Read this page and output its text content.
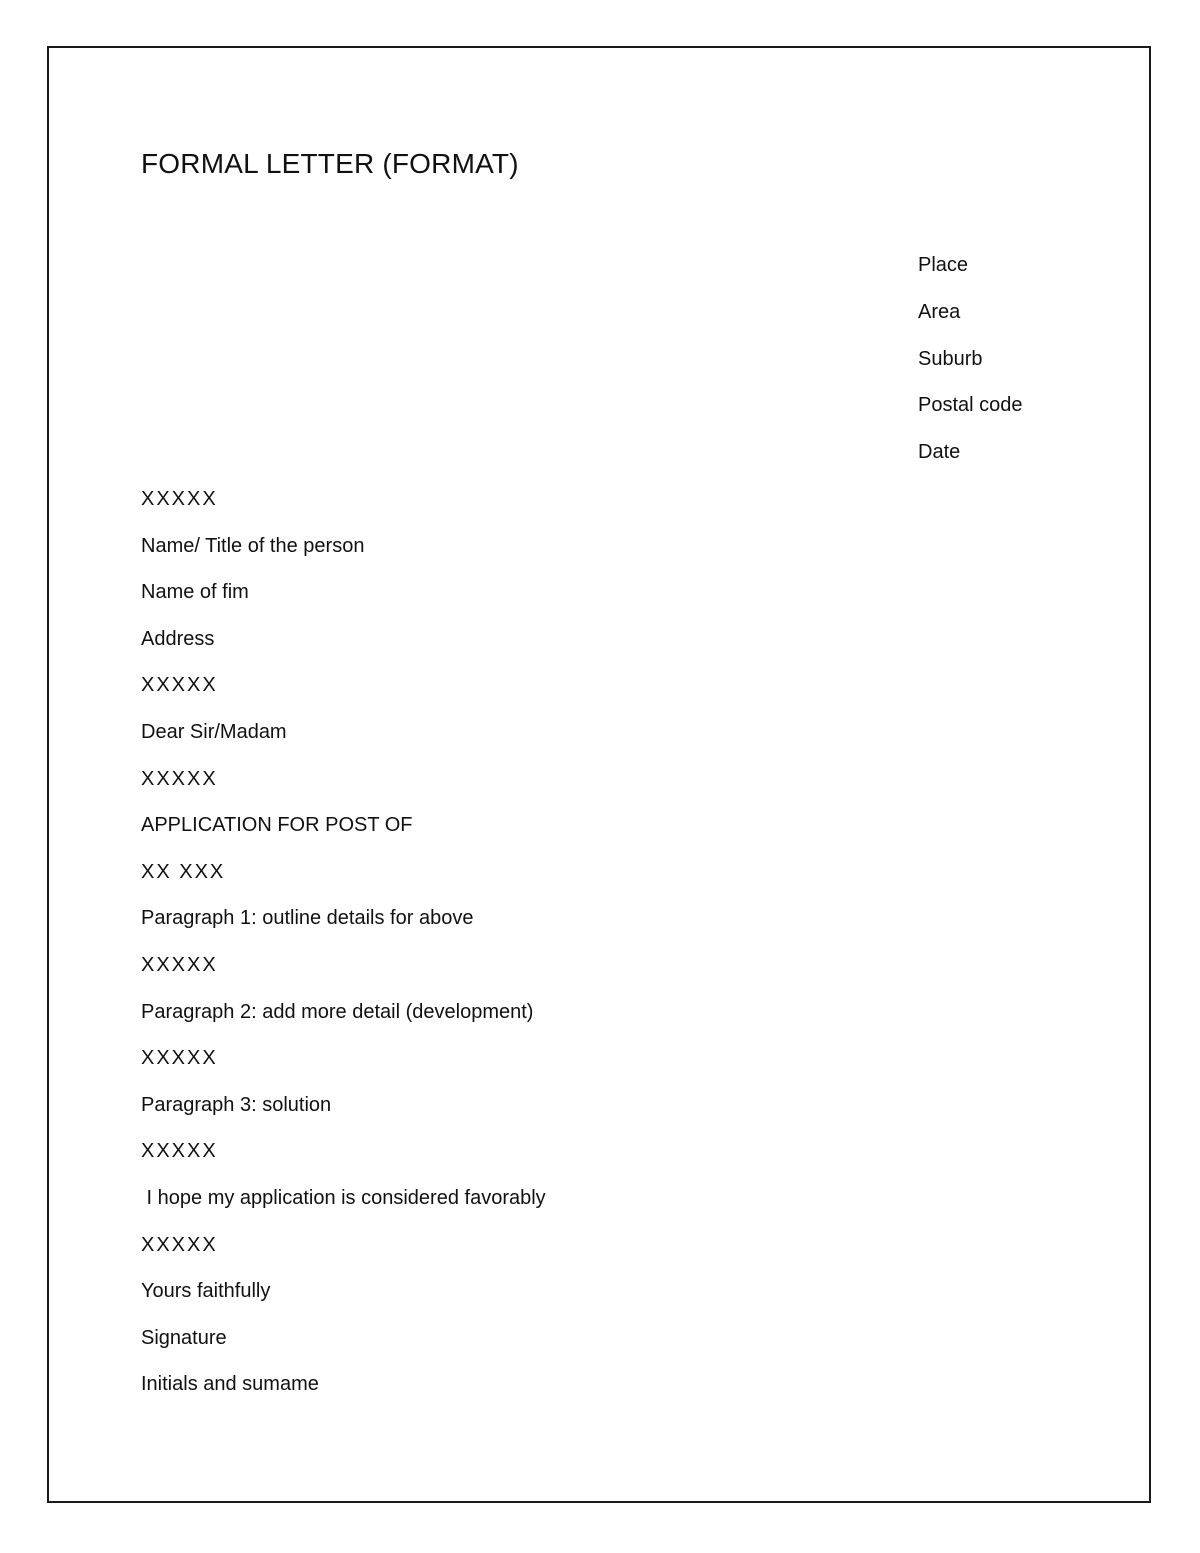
FORMAL LETTER (FORMAT)
Place
Area
Suburb
Postal code
Date
XXXXX
Name/ Title of the person
Name of fim
Address
XXXXX
Dear Sir/Madam
XXXXX
APPLICATION FOR POST OF
XX XXX
Paragraph 1: outline details for above
XXXXX
Paragraph 2: add more detail (development)
XXXXX
Paragraph 3: solution
XXXXX
I hope my application is considered favorably
XXXXX
Yours faithfully
Signature
Initials and sumame
